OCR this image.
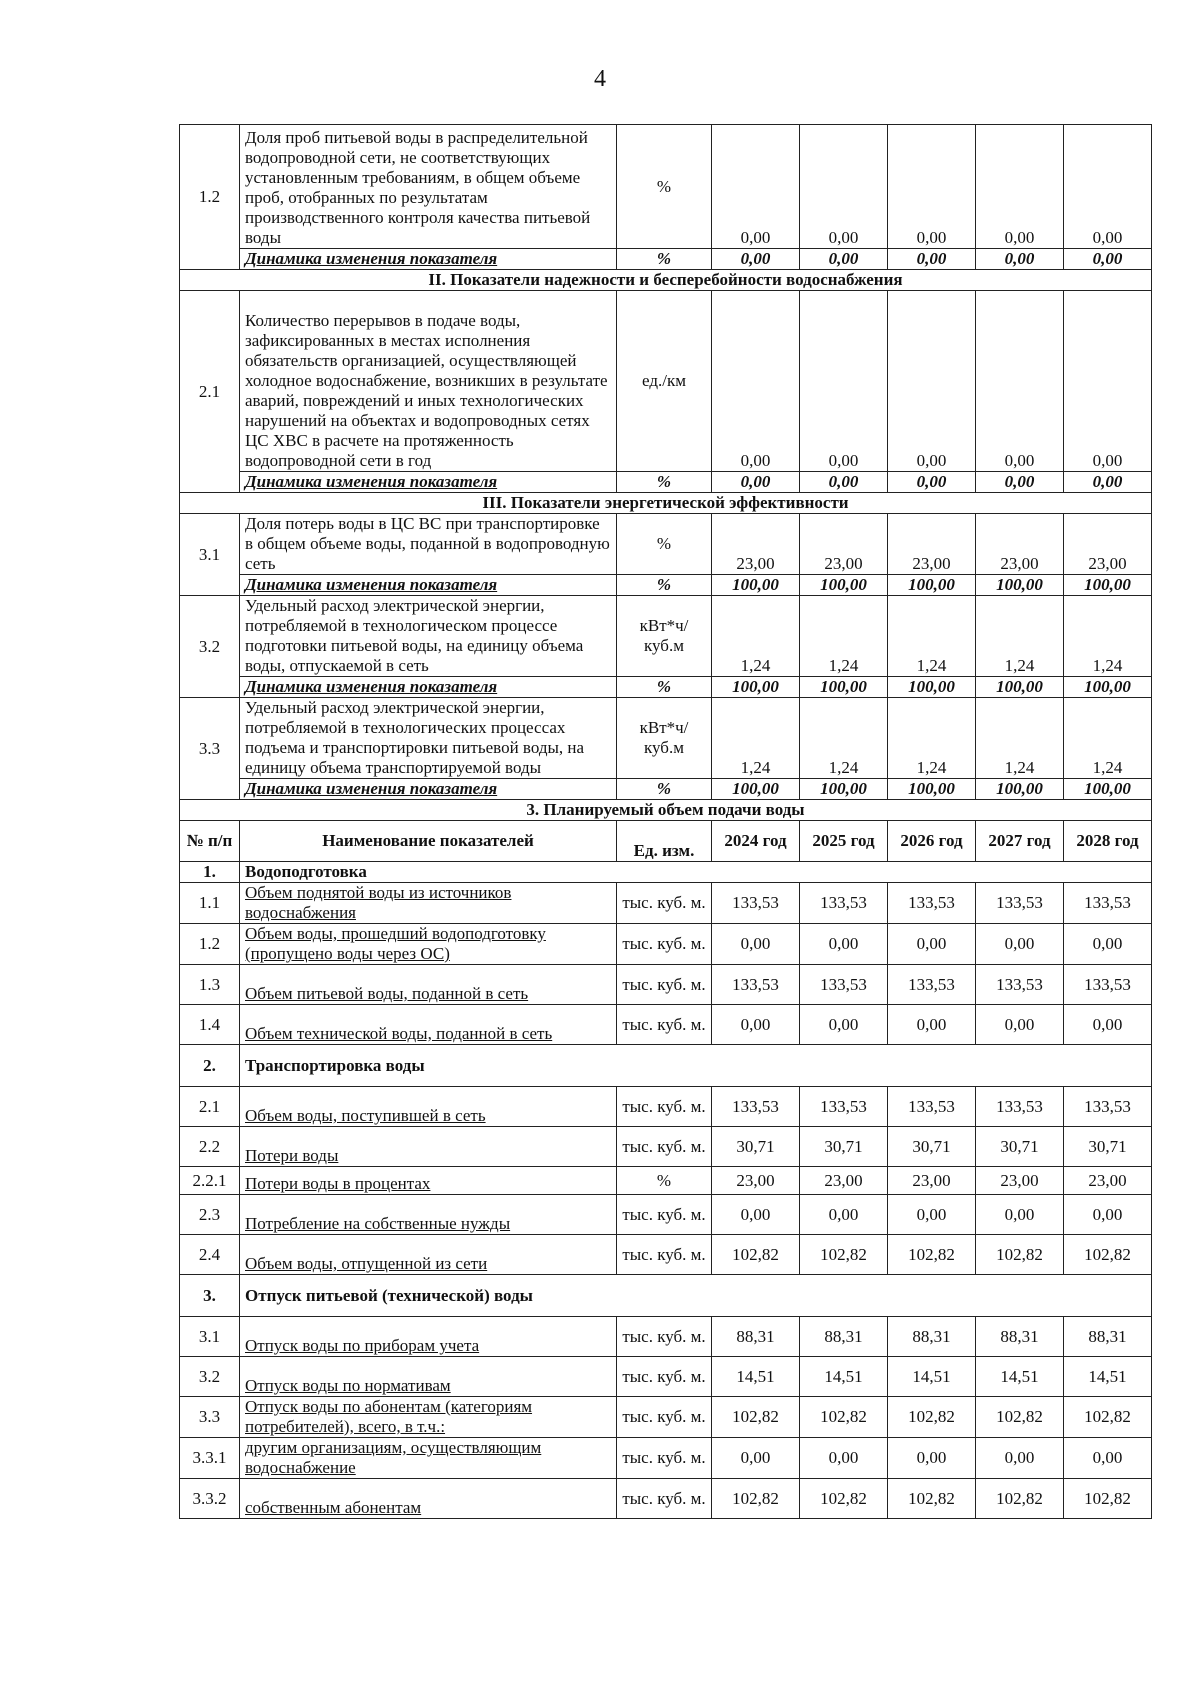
4
1.2	Доля проб питьевой воды в распределительной водопроводной сети, не соответствующих установленным требованиям, в общем объеме проб, отобранных по результатам производственного контроля качества питьевой воды	%	0,00	0,00	0,00	0,00	0,00
	Динамика изменения показателя	%	0,00	0,00	0,00	0,00	0,00
II. Показатели надежности и бесперебойности водоснабжения							
2.1	Количество перерывов в подаче воды, зафиксированных в местах исполнения обязательств организацией, осуществляющей холодное водоснабжение, возникших в результате аварий, повреждений и иных технологических нарушений на объектах и водопроводных сетях ЦС ХВС в расчете на протяженность водопроводной сети в год	ед./км	0,00	0,00	0,00	0,00	0,00
	Динамика изменения показателя	%	0,00	0,00	0,00	0,00	0,00
III. Показатели энергетической эффективности							
3.1	Доля потерь воды в ЦС ВС при транспортировке в общем объеме воды, поданной в водопроводную сеть	%	23,00	23,00	23,00	23,00	23,00
	Динамика изменения показателя	%	100,00	100,00	100,00	100,00	100,00
3.2	Удельный расход электрической энергии, потребляемой в технологическом процессе подготовки питьевой воды, на единицу объема воды, отпускаемой в сеть	кВт*ч/ куб.м	1,24	1,24	1,24	1,24	1,24
	Динамика изменения показателя	%	100,00	100,00	100,00	100,00	100,00
3.3	Удельный расход электрической энергии, потребляемой в технологических процессах подъема и транспортировки питьевой воды, на единицу объема транспортируемой воды	кВт*ч/ куб.м	1,24	1,24	1,24	1,24	1,24
	Динамика изменения показателя	%	100,00	100,00	100,00	100,00	100,00
3. Планируемый объем подачи воды							
№ п/п	Наименование показателей	Ед. изм.	2024 год	2025 год	2026 год	2027 год	2028 год
1.	Водоподготовка						
1.1	Объем поднятой воды из источников водоснабжения	тыс. куб. м.	133,53	133,53	133,53	133,53	133,53
1.2	Объем воды, прошедший водоподготовку (пропущено воды через ОС)	тыс. куб. м.	0,00	0,00	0,00	0,00	0,00
1.3	Объем питьевой воды, поданной в сеть	тыс. куб. м.	133,53	133,53	133,53	133,53	133,53
1.4	Объем технической воды, поданной в сеть	тыс. куб. м.	0,00	0,00	0,00	0,00	0,00
2.	Транспортировка воды						
2.1	Объем воды, поступившей в сеть	тыс. куб. м.	133,53	133,53	133,53	133,53	133,53
2.2	Потери воды	тыс. куб. м.	30,71	30,71	30,71	30,71	30,71
2.2.1	Потери воды в процентах	%	23,00	23,00	23,00	23,00	23,00
2.3	Потребление на собственные нужды	тыс. куб. м.	0,00	0,00	0,00	0,00	0,00
2.4	Объем воды, отпущенной из сети	тыс. куб. м.	102,82	102,82	102,82	102,82	102,82
3.	Отпуск питьевой (технической) воды						
3.1	Отпуск воды по приборам учета	тыс. куб. м.	88,31	88,31	88,31	88,31	88,31
3.2	Отпуск воды по нормативам	тыс. куб. м.	14,51	14,51	14,51	14,51	14,51
3.3	Отпуск воды по абонентам (категориям потребителей), всего, в т.ч.:	тыс. куб. м.	102,82	102,82	102,82	102,82	102,82
3.3.1	другим организациям, осуществляющим водоснабжение	тыс. куб. м.	0,00	0,00	0,00	0,00	0,00
3.3.2	собственным абонентам	тыс. куб. м.	102,82	102,82	102,82	102,82	102,82
